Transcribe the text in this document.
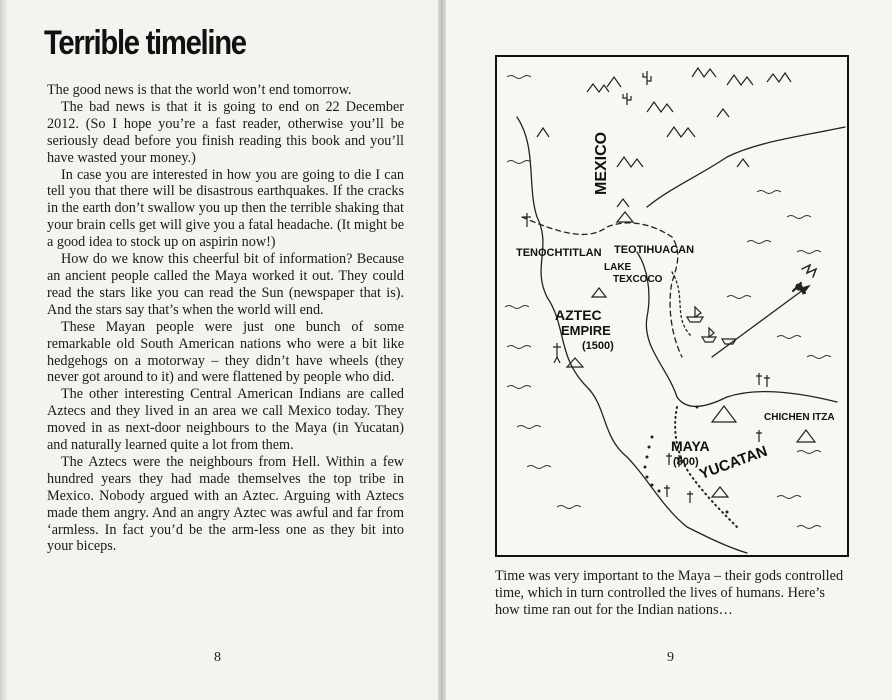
Terrible timeline

The good news is that the world won’t end tomorrow.

The bad news is that it is going to end on 22 December 2012. (So I hope you’re a fast reader, otherwise you’ll be seriously dead before you finish reading this book and you’ll have wasted your money.)

In case you are interested in how you are going to die I can tell you that there will be disastrous earthquakes. If the cracks in the earth don’t swallow you up then the terrible shaking that your brain cells get will give you a fatal headache. (It might be a good idea to stock up on aspirin now!)

How do we know this cheerful bit of information? Because an ancient people called the Maya worked it out. They could read the stars like you can read the Sun (newspaper that is). And the stars say that’s when the world will end.

These Mayan people were just one bunch of some remarkable old South American nations who were a bit like hedgehogs on a motorway – they didn’t have wheels (they never got around to it) and were flattened by people who did.

The other interesting Central American Indians are called Aztecs and they lived in an area we call Mexico today. They moved in as next-door neighbours to the Maya (in Yucatan) and naturally learned quite a lot from them.

The Aztecs were the neighbours from Hell. Within a few hundred years they had made themselves the top tribe in Mexico. Nobody argued with an Aztec. Arguing with Aztecs made them angry. And an angry Aztec was awful and far from ‘armless. In fact you’d be the arm-less one as they bit into your biceps.

8
MEXICO
TENOCHTITLAN TEOTIHUACAN
LAKE
TEXCOCO
AZTEC
EMPIRE
(1500)
MAYA
(800)
YUCATAN
CHICHEN ITZA
Time was very important to the Maya – their gods controlled time, which in turn controlled the lives of humans. Here’s how time ran out for the Indian nations…
9
